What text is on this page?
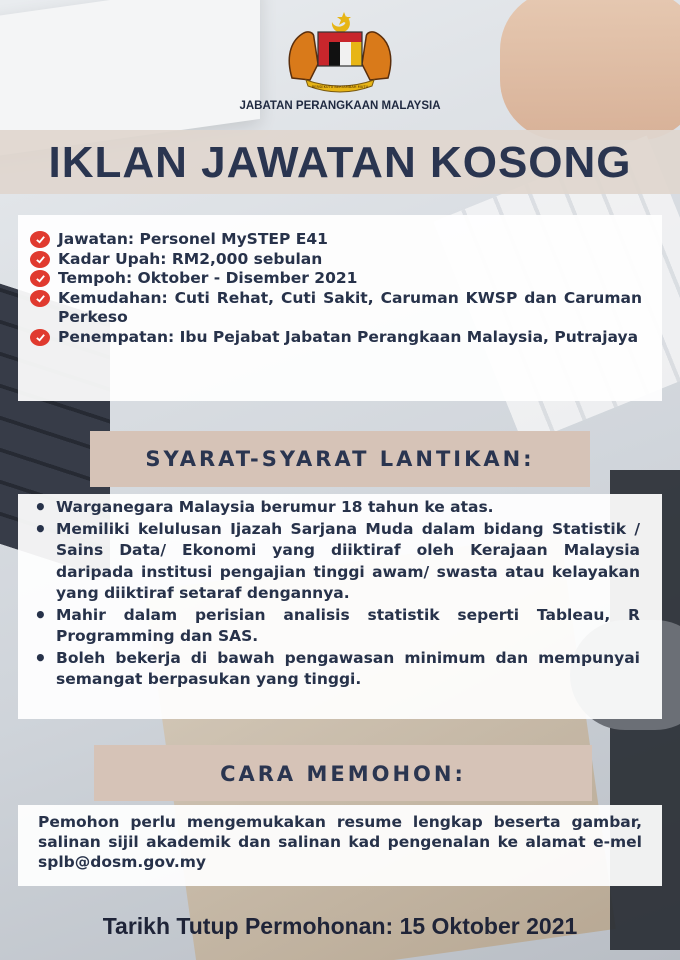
BERSEKUTU BERTAMBAH MUTU
JABATAN PERANGKAAN MALAYSIA
IKLAN JAWATAN KOSONG
Jawatan: Personel MySTEP E41
Kadar Upah: RM2,000 sebulan
Tempoh: Oktober - Disember 2021
Kemudahan: Cuti Rehat, Cuti Sakit, Caruman KWSP dan Caruman Perkeso
Penempatan: Ibu Pejabat Jabatan Perangkaan Malaysia, Putrajaya
SYARAT-SYARAT LANTIKAN:
• Warganegara Malaysia berumur 18 tahun ke atas.
• Memiliki kelulusan Ijazah Sarjana Muda dalam bidang Statistik / Sains Data/ Ekonomi yang diiktiraf oleh Kerajaan Malaysia daripada institusi pengajian tinggi awam/ swasta atau kelayakan yang diiktiraf setaraf dengannya.
• Mahir dalam perisian analisis statistik seperti Tableau, R Programming dan SAS.
• Boleh bekerja di bawah pengawasan minimum dan mempunyai semangat berpasukan yang tinggi.
CARA MEMOHON:

Pemohon perlu mengemukakan resume lengkap beserta gambar, salinan sijil akademik dan salinan kad pengenalan ke alamat e-mel splb@dosm.gov.my

Tarikh Tutup Permohonan: 15 Oktober 2021
